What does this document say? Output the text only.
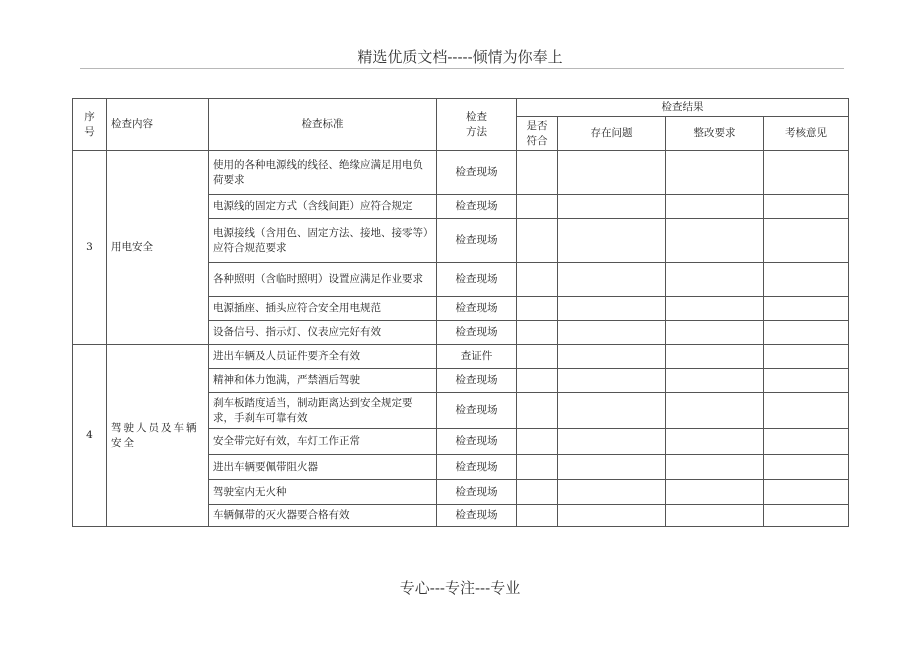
精选优质文档-----倾情为你奉上
序号	检查内容	检查标准	检查方法	检查结果			
				是否符合	存在问题	整改要求	考核意见
3	用电安全	使用的各种电源线的线径、绝缘应满足用电负荷要求	检查现场				
		电源线的固定方式（含线间距）应符合规定	检查现场				
		电源接线（含用色、固定方法、接地、接零等）应符合规范要求	检查现场				
		各种照明（含临时照明）设置应满足作业要求	检查现场				
		电源插座、插头应符合安全用电规范	检查现场				
		设备信号、指示灯、仪表应完好有效	检查现场				
4	驾驶人员及车辆安全	进出车辆及人员证件要齐全有效	查证件				
		精神和体力饱满，严禁酒后驾驶	检查现场				
		刹车板踏度适当，制动距离达到安全规定要求，手刹车可靠有效	检查现场				
		安全带完好有效，车灯工作正常	检查现场				
		进出车辆要佩带阻火器	检查现场				
		驾驶室内无火种	检查现场				
		车辆佩带的灭火器要合格有效	检查现场				
专心---专注---专业
